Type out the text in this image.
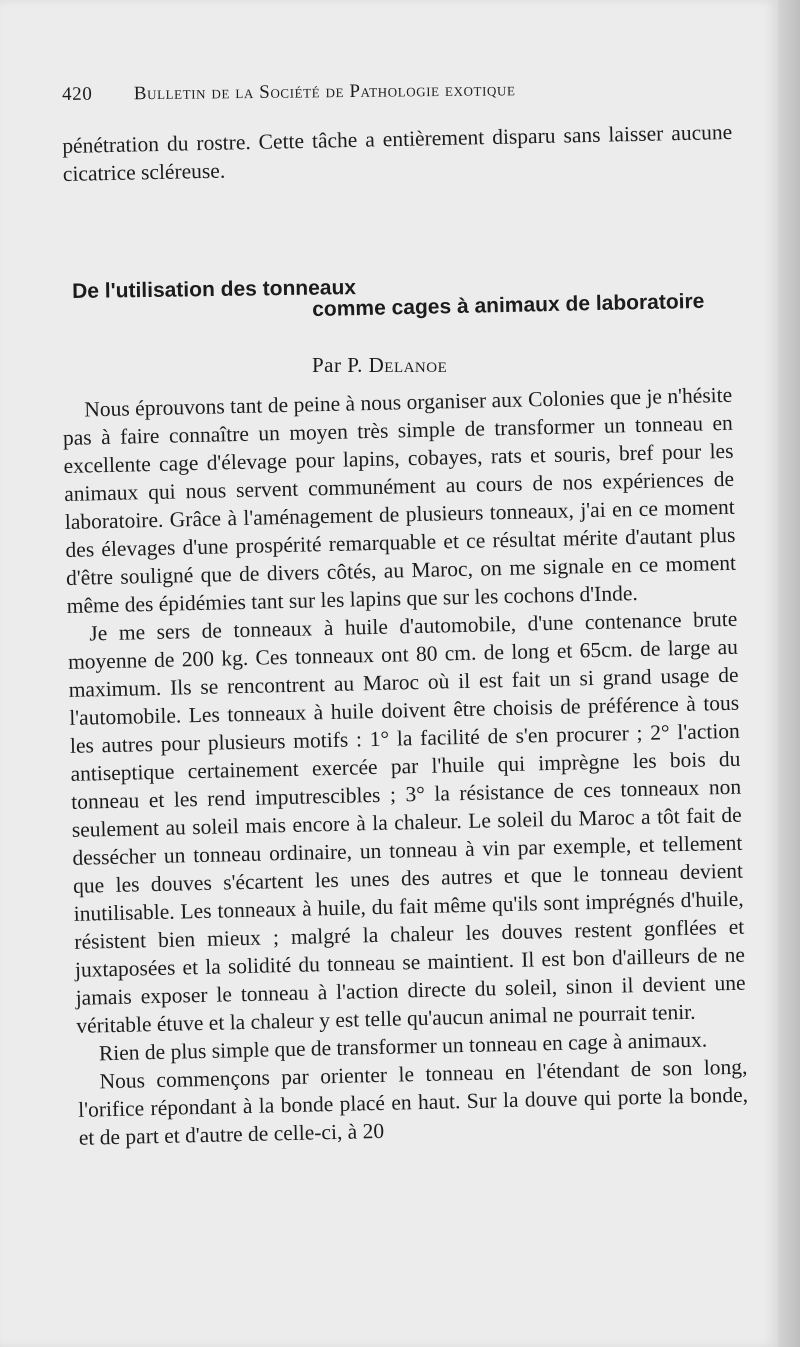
420 Bulletin de la Société de Pathologie exotique

pénétration du rostre. Cette tâche a entièrement disparu sans laisser aucune cicatrice scléreuse.

De l'utilisation des tonneaux
comme cages à animaux de laboratoire
Par P. Delanoe

Nous éprouvons tant de peine à nous organiser aux Colonies que je n'hésite pas à faire connaître un moyen très simple de transformer un tonneau en excellente cage d'élevage pour lapins, cobayes, rats et souris, bref pour les animaux qui nous servent communément au cours de nos expériences de laboratoire. Grâce à l'aménagement de plusieurs tonneaux, j'ai en ce moment des élevages d'une prospérité remarquable et ce résultat mérite d'autant plus d'être souligné que de divers côtés, au Maroc, on me signale en ce moment même des épidémies tant sur les lapins que sur les cochons d'Inde.

Je me sers de tonneaux à huile d'automobile, d'une contenance brute moyenne de 200 kg. Ces tonneaux ont 80 cm. de long et 65cm. de large au maximum. Ils se rencontrent au Maroc où il est fait un si grand usage de l'automobile. Les tonneaux à huile doivent être choisis de préférence à tous les autres pour plusieurs motifs : 1° la facilité de s'en procurer ; 2° l'action antiseptique certainement exercée par l'huile qui imprègne les bois du tonneau et les rend imputrescibles ; 3° la résistance de ces tonneaux non seulement au soleil mais encore à la chaleur. Le soleil du Maroc a tôt fait de dessécher un tonneau ordinaire, un tonneau à vin par exemple, et tellement que les douves s'écartent les unes des autres et que le tonneau devient inutilisable. Les tonneaux à huile, du fait même qu'ils sont imprégnés d'huile, résistent bien mieux ; malgré la chaleur les douves restent gonflées et juxtaposées et la solidité du tonneau se maintient. Il est bon d'ailleurs de ne jamais exposer le tonneau à l'action directe du soleil, sinon il devient une véritable étuve et la chaleur y est telle qu'aucun animal ne pourrait tenir.

Rien de plus simple que de transformer un tonneau en cage à animaux.

Nous commençons par orienter le tonneau en l'étendant de son long, l'orifice répondant à la bonde placé en haut. Sur la douve qui porte la bonde, et de part et d'autre de celle-ci, à 20
